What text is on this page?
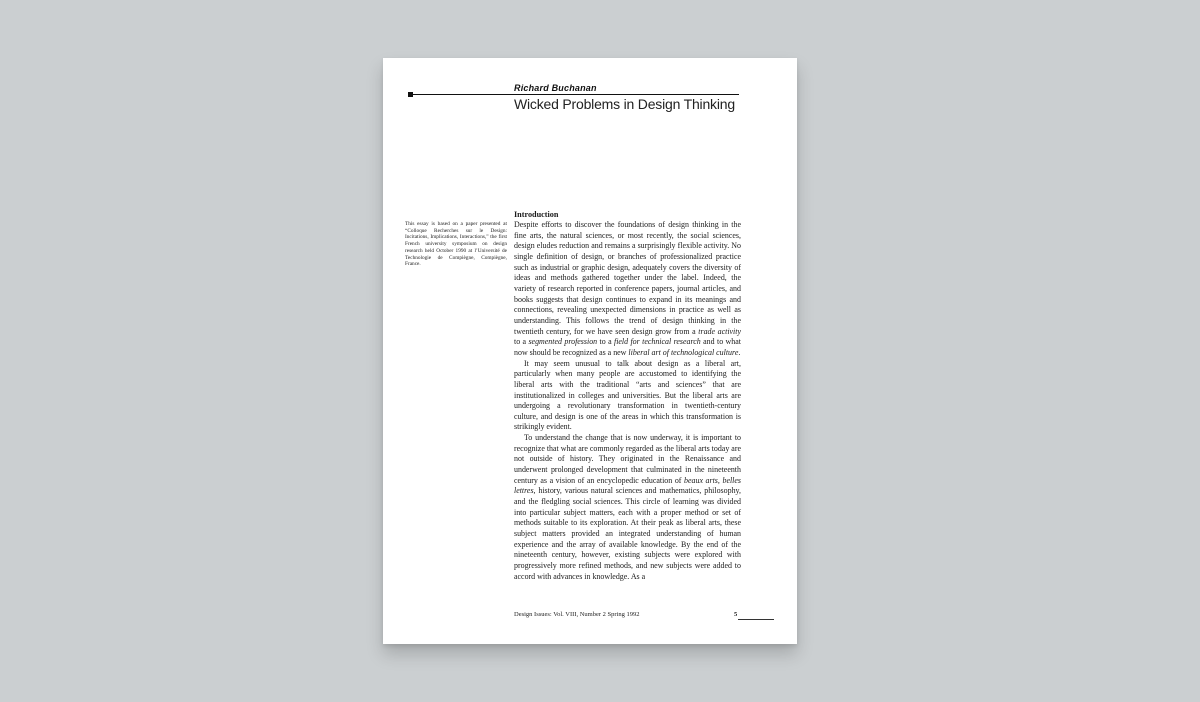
Richard Buchanan
Wicked Problems in Design Thinking
This essay is based on a paper presented at “Colloque Recherches sur le Design: Incitations, Implications, Interactions,” the first French university symposium on design research held October 1990 at l’Université de Technologie de Compiègne, Compiègne, France.
Introduction

Despite efforts to discover the foundations of design thinking in the fine arts, the natural sciences, or most recently, the social sciences, design eludes reduction and remains a surprisingly flexible activity. No single definition of design, or branches of professionalized practice such as industrial or graphic design, adequately covers the diversity of ideas and methods gathered together under the label. Indeed, the variety of research reported in conference papers, journal articles, and books suggests that design continues to expand in its meanings and connections, revealing unexpected dimensions in practice as well as understanding. This follows the trend of design thinking in the twentieth century, for we have seen design grow from a trade activity to a segmented profession to a field for technical research and to what now should be recognized as a new liberal art of technological culture.

It may seem unusual to talk about design as a liberal art, particularly when many people are accustomed to identifying the liberal arts with the traditional “arts and sciences” that are institutionalized in colleges and universities. But the liberal arts are undergoing a revolutionary transformation in twentieth-century culture, and design is one of the areas in which this transformation is strikingly evident.

To understand the change that is now underway, it is important to recognize that what are commonly regarded as the liberal arts today are not outside of history. They originated in the Renaissance and underwent prolonged development that culminated in the nineteenth century as a vision of an encyclopedic education of beaux arts, belles lettres, history, various natural sciences and mathematics, philosophy, and the fledgling social sciences. This circle of learning was divided into particular subject matters, each with a proper method or set of methods suitable to its exploration. At their peak as liberal arts, these subject matters provided an integrated understanding of human experience and the array of available knowledge. By the end of the nineteenth century, however, existing subjects were explored with progressively more refined methods, and new subjects were added to accord with advances in knowledge. As a

Design Issues: Vol. VIII, Number 2 Spring 1992	5
